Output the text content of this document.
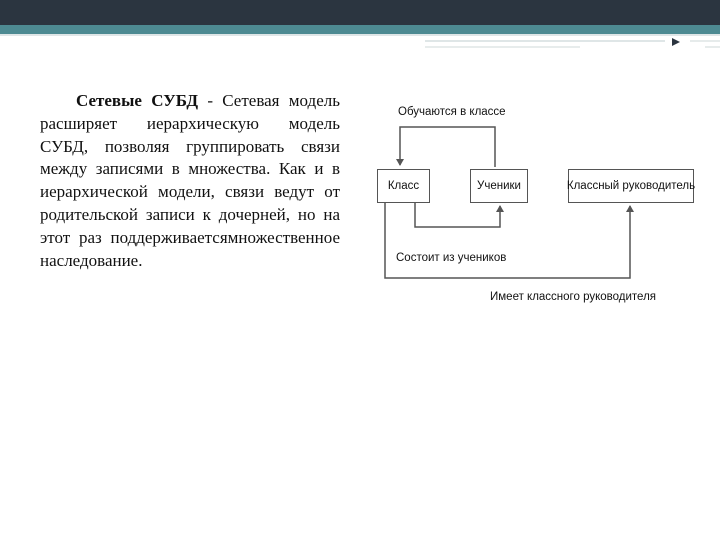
Сетевые СУБД - Сетевая модель расширяет иерархическую модель СУБД, позволяя группировать связи между записями в множества. Как и в иерархической модели, связи ведут от родительской записи к дочерней, но на этот раз поддерживаетсямножественное наследование.
Обучаются в классе
Класс	Ученики	Классный руководитель
Состоит из учеников
Имеет классного руководителя
